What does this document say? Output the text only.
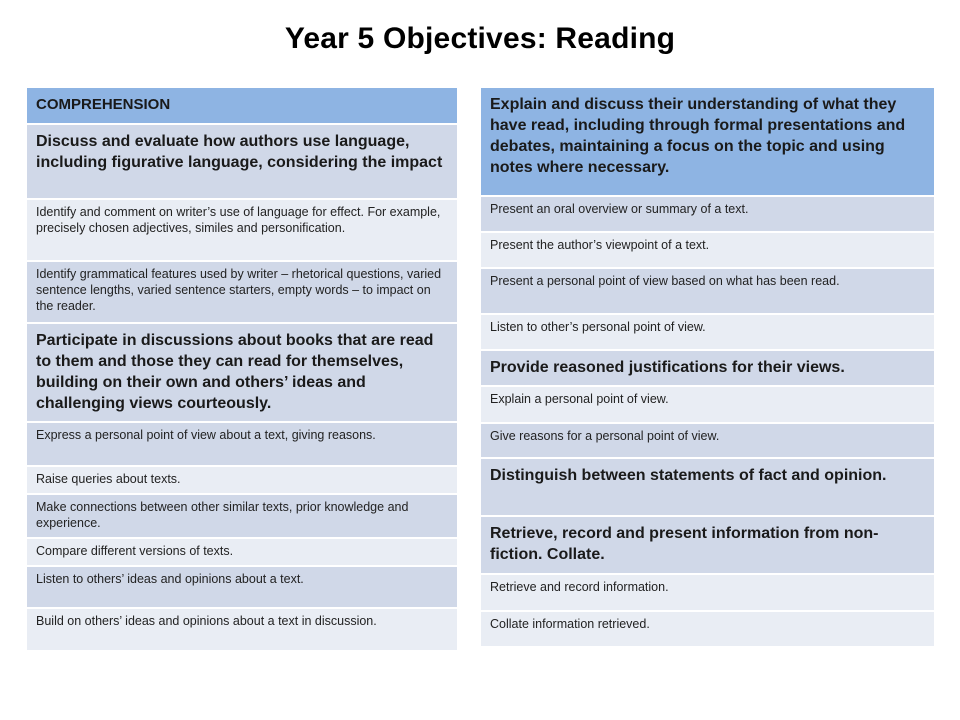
Year 5 Objectives: Reading
COMPREHENSION
Discuss and evaluate how authors use language, including figurative language, considering the impact
Identify and comment on writer’s use of language for effect. For example, precisely chosen adjectives, similes and personification.
Identify grammatical features used by writer – rhetorical questions, varied sentence lengths, varied sentence starters, empty words – to impact on the reader.
Participate in discussions about books that are read to them and those they can read for themselves, building on their own and others’ ideas and challenging views courteously.
Express a personal point of view about a text, giving reasons.
Raise queries about texts.
Make connections between other similar texts, prior knowledge and experience.
Compare different versions of texts.
Listen to others’ ideas and opinions about a text.
Build on others’ ideas and opinions about a text in discussion.
Explain and discuss their understanding of what they have read, including through formal presentations and debates, maintaining a focus on the topic and using notes where necessary.
Present an oral overview or summary of a text.
Present the author’s viewpoint of a text.
Present a personal point of view based on what has been read.
Listen to other’s personal point of view.
Provide reasoned justifications for their views.
Explain a personal point of view.
Give reasons for a personal point of view.
Distinguish between statements of fact and opinion.
Retrieve, record and present information from non-fiction. Collate.
Retrieve and record information.
Collate information retrieved.
